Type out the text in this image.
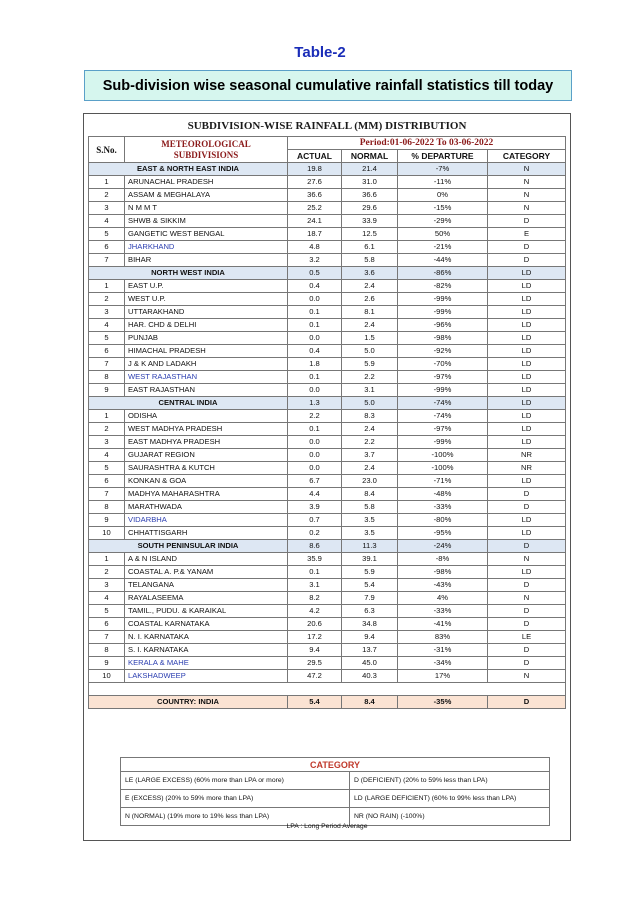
Table-2
Sub-division wise seasonal cumulative rainfall statistics till today
SUBDIVISION-WISE RAINFALL (MM) DISTRIBUTION
S.No.	METEOROLOGICAL
SUBDIVISIONS	Period:01-06-2022 To 03-06-2022			
		ACTUAL	NORMAL	% DEPARTURE	CATEGORY
EAST & NORTH EAST INDIA		19.8	21.4	-7%	N
1	ARUNACHAL PRADESH	27.6	31.0	-11%	N
2	ASSAM & MEGHALAYA	36.6	36.6	0%	N
3	N M M T	25.2	29.6	-15%	N
4	SHWB & SIKKIM	24.1	33.9	-29%	D
5	GANGETIC WEST BENGAL	18.7	12.5	50%	E
6	JHARKHAND	4.8	6.1	-21%	D
7	BIHAR	3.2	5.8	-44%	D
NORTH WEST INDIA		0.5	3.6	-86%	LD
1	EAST U.P.	0.4	2.4	-82%	LD
2	WEST U.P.	0.0	2.6	-99%	LD
3	UTTARAKHAND	0.1	8.1	-99%	LD
4	HAR. CHD & DELHI	0.1	2.4	-96%	LD
5	PUNJAB	0.0	1.5	-98%	LD
6	HIMACHAL PRADESH	0.4	5.0	-92%	LD
7	J & K AND LADAKH	1.8	5.9	-70%	LD
8	WEST RAJASTHAN	0.1	2.2	-97%	LD
9	EAST RAJASTHAN	0.0	3.1	-99%	LD
CENTRAL INDIA		1.3	5.0	-74%	LD
1	ODISHA	2.2	8.3	-74%	LD
2	WEST MADHYA PRADESH	0.1	2.4	-97%	LD
3	EAST MADHYA PRADESH	0.0	2.2	-99%	LD
4	GUJARAT REGION	0.0	3.7	-100%	NR
5	SAURASHTRA & KUTCH	0.0	2.4	-100%	NR
6	KONKAN & GOA	6.7	23.0	-71%	LD
7	MADHYA MAHARASHTRA	4.4	8.4	-48%	D
8	MARATHWADA	3.9	5.8	-33%	D
9	VIDARBHA	0.7	3.5	-80%	LD
10	CHHATTISGARH	0.2	3.5	-95%	LD
SOUTH PENINSULAR INDIA		8.6	11.3	-24%	D
1	A & N ISLAND	35.9	39.1	-8%	N
2	COASTAL A. P.& YANAM	0.1	5.9	-98%	LD
3	TELANGANA	3.1	5.4	-43%	D
4	RAYALASEEMA	8.2	7.9	4%	N
5	TAMIL., PUDU. & KARAIKAL	4.2	6.3	-33%	D
6	COASTAL KARNATAKA	20.6	34.8	-41%	D
7	N. I. KARNATAKA	17.2	9.4	83%	LE
8	S. I. KARNATAKA	9.4	13.7	-31%	D
9	KERALA & MAHE	29.5	45.0	-34%	D
10	LAKSHADWEEP	47.2	40.3	17%	N

COUNTRY: INDIA		5.4	8.4	-35%	D
CATEGORY	
LE (LARGE EXCESS) (60% more than LPA or more)	D (DEFICIENT) (20% to 59% less than LPA)
E (EXCESS) (20% to 59% more than LPA)	LD (LARGE DEFICIENT) (60% to 99% less than LPA)
N (NORMAL) (19% more to 19% less than LPA)	NR (NO RAIN) (-100%)
LPA : Long Period Average
